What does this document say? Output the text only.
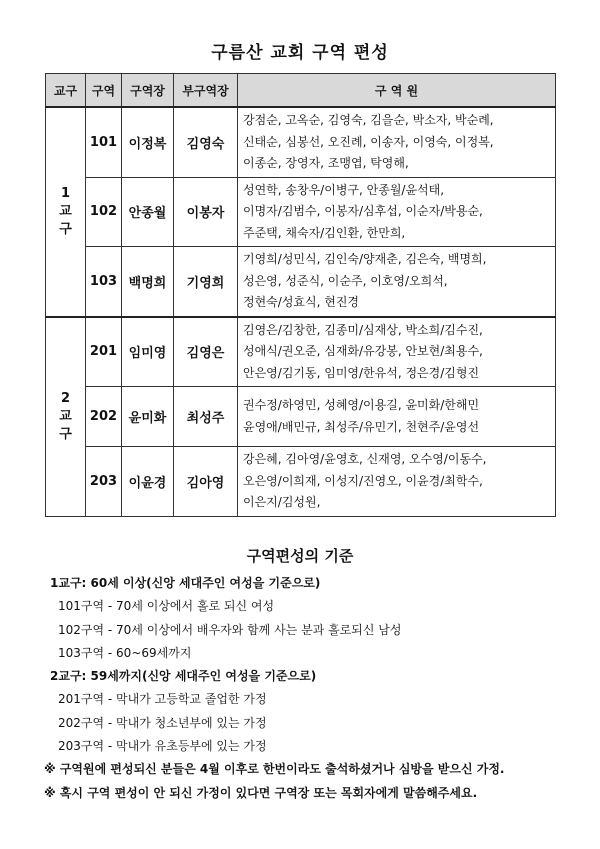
구름산 교회 구역 편성
교구	구역	구역장	부구역장	구 역 원

1
교
구	101	이정복	김영숙	강점순, 고옥순, 김영숙, 김을순, 박소자, 박순례,
신태순, 심봉선, 오진례, 이송자, 이영숙, 이정복,
이종순, 장영자, 조맹엽, 탁영해,

	102	안종월	이봉자	성연학, 송창우/이병구, 안종월/윤석태,
이명자/김범수, 이봉자/심후섭, 이순자/박용순,
주준택, 채숙자/김인환, 한만희,

	103	백명희	기영희	기영희/성민식, 김인숙/양재춘, 김은숙, 백명희,
성은영, 성준식, 이순주, 이호영/오희석,
정현숙/성효식, 현진경

2
교
구	201	임미영	김영은	김영은/김창한, 김종미/심재상, 박소희/김수진,
성애식/권오준, 심재화/유강봉, 안보현/최용수,
안은영/김기동, 임미영/한유석, 정은경/김형진

	202	윤미화	최성주	권수정/하영민, 성혜영/이용길, 윤미화/한해민
윤영애/배민규, 최성주/유민기, 천현주/윤영선

	203	이윤경	김아영	강은혜, 김아영/윤영호, 신재영, 오수영/이동수,
오은영/이희재, 이성지/진영오, 이윤경/최학수,
이은지/김성원,
구역편성의 기준
1교구: 60세 이상(신앙 세대주인 여성을 기준으로)
101구역 - 70세 이상에서 홀로 되신 여성
102구역 - 70세 이상에서 배우자와 함께 사는 분과 홀로되신 남성
103구역 - 60~69세까지
2교구: 59세까지(신앙 세대주인 여성을 기준으로)
201구역 - 막내가 고등학교 졸업한 가정
202구역 - 막내가 청소년부에 있는 가정
203구역 - 막내가 유초등부에 있는 가정
※ 구역원에 편성되신 분들은 4월 이후로 한번이라도 출석하셨거나 심방을 받으신 가정.
※ 혹시 구역 편성이 안 되신 가정이 있다면 구역장 또는 목회자에게 말씀해주세요.
